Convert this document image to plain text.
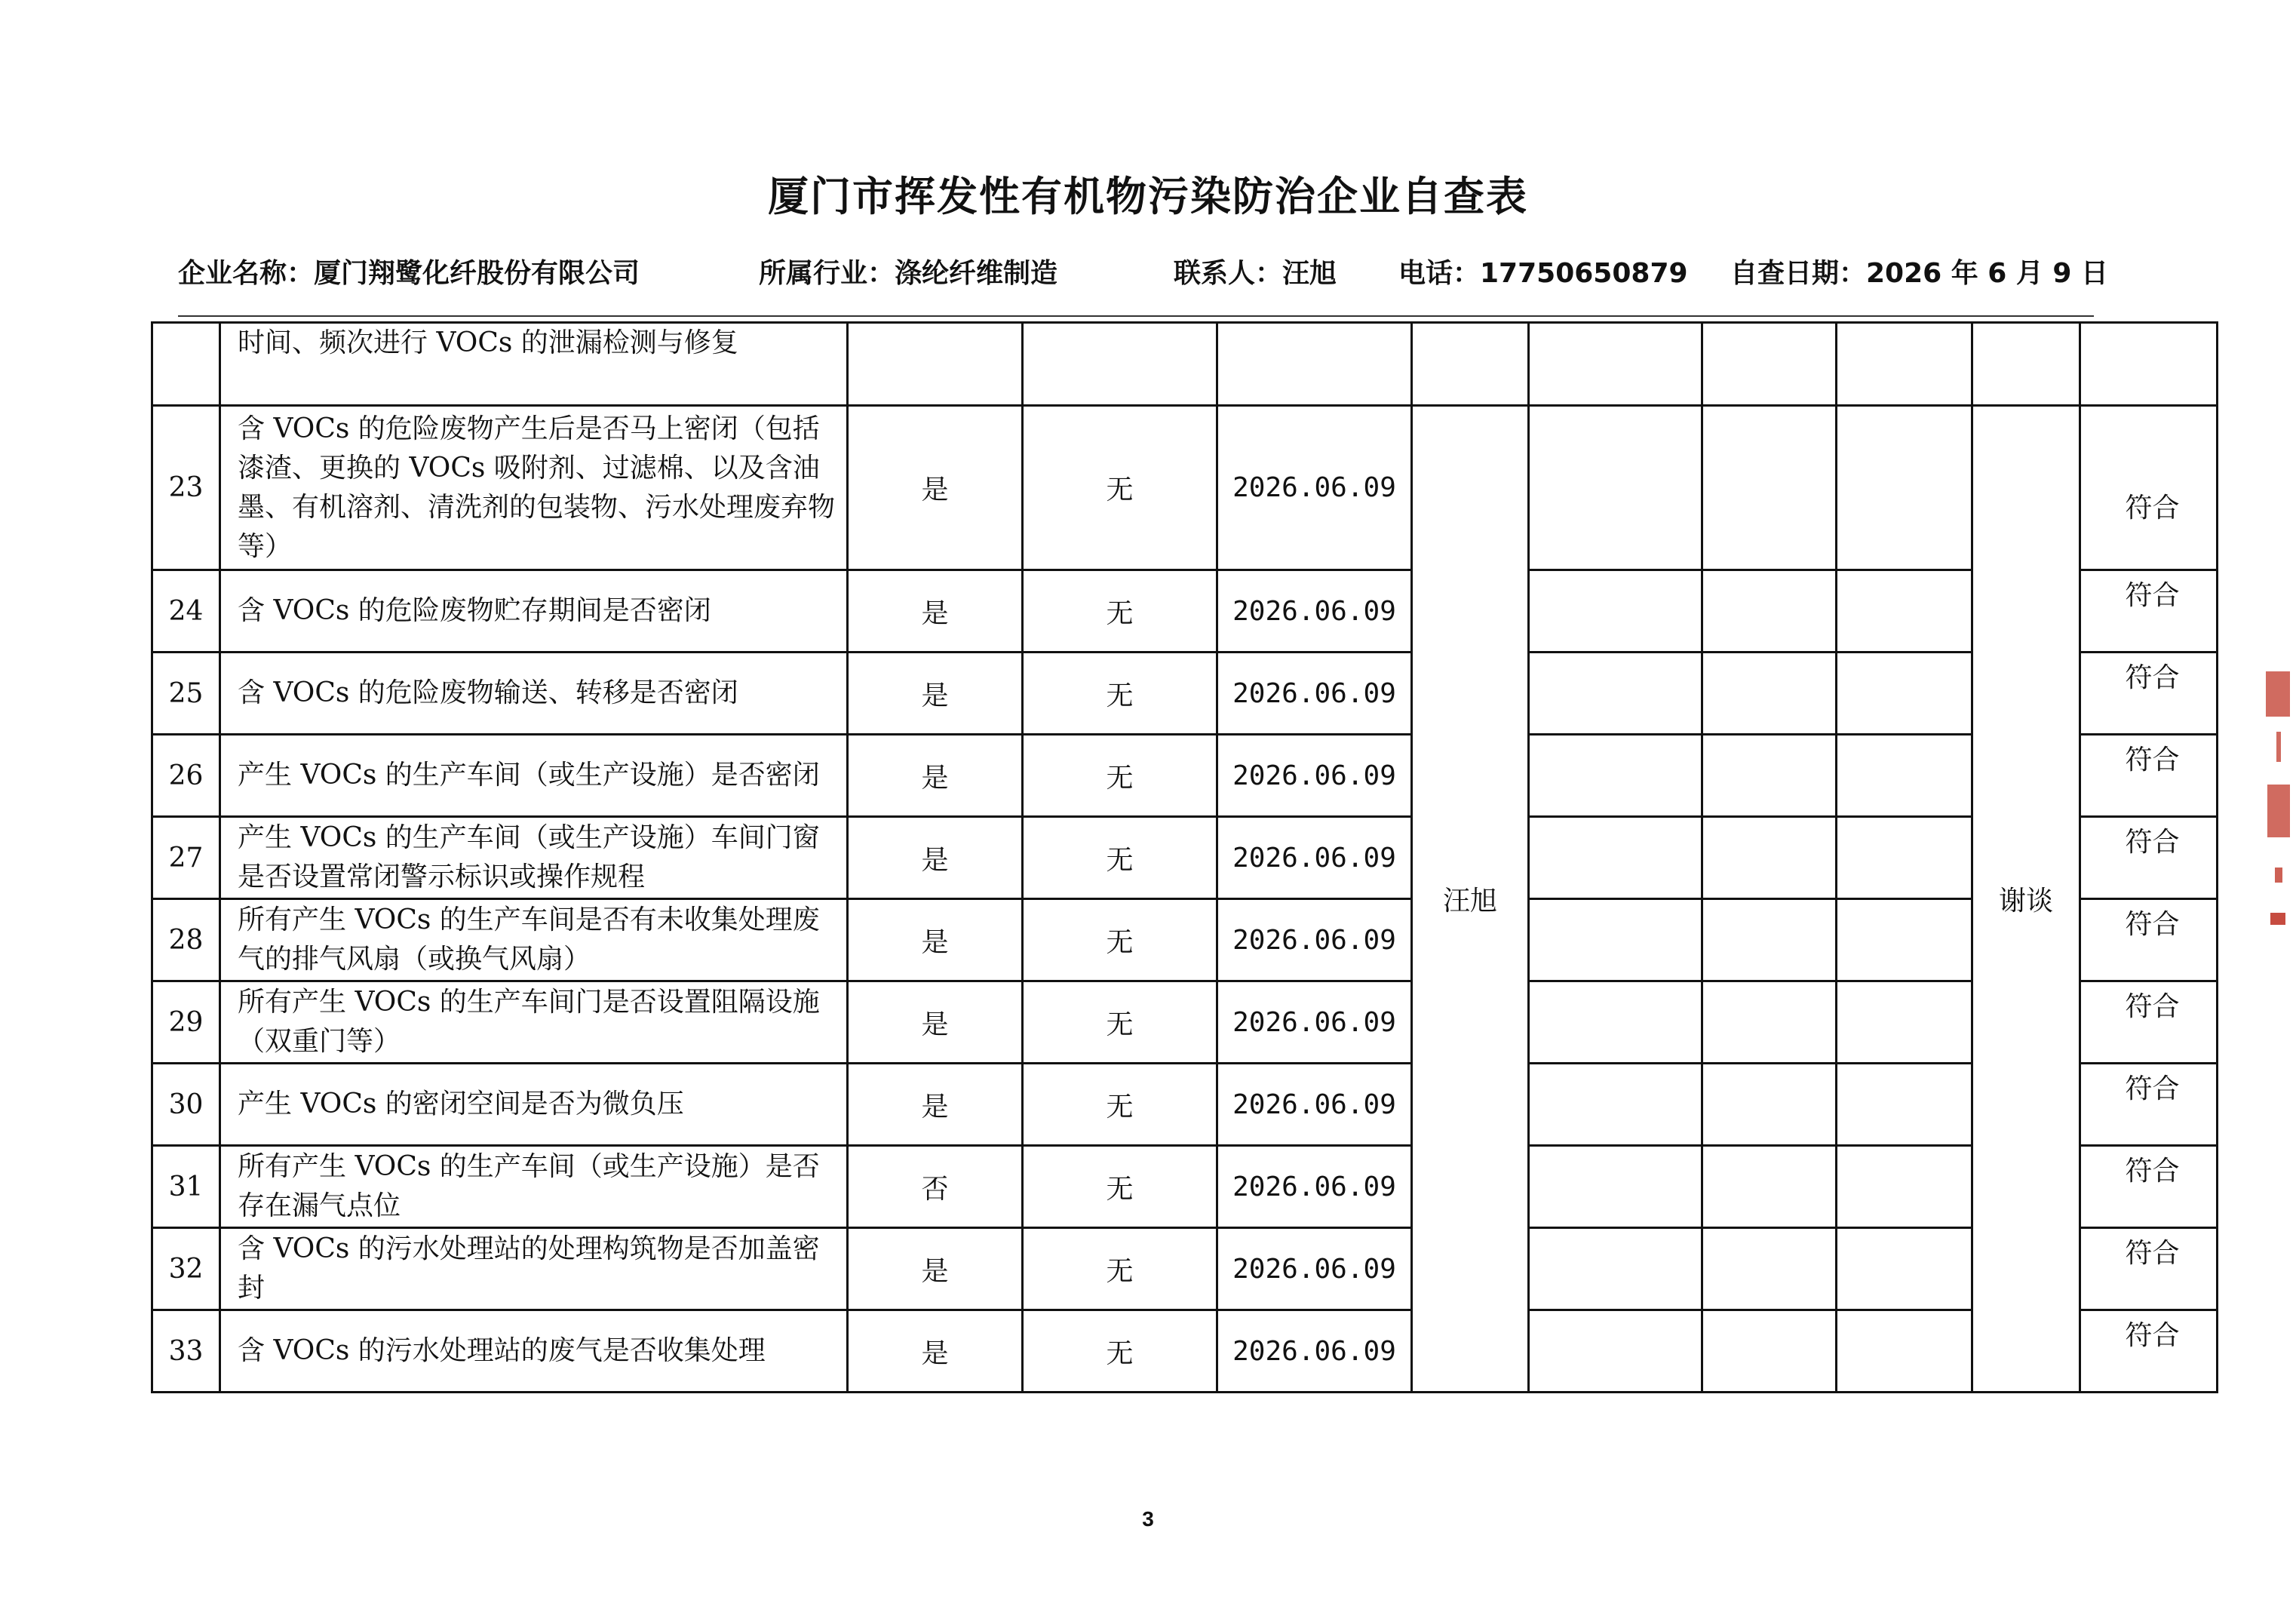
厦门市挥发性有机物污染防治企业自查表
企业名称：厦门翔鹭化纤股份有限公司	所属行业：涤纶纤维制造	联系人：汪旭 电话：17750650879 自查日期：2026 年 6 月 9 日
	时间、频次进行 VOCs 的泄漏检测与修复									
23	含 VOCs 的危险废物产生后是否马上密闭（包括漆渣、更换的 VOCs 吸附剂、过滤棉、以及含油墨、有机溶剂、清洗剂的包装物、污水处理废弃物等）	是	无	2026.06.09	汪旭				谢谈	符合

24	含 VOCs 的危险废物贮存期间是否密闭	是	无	2026.06.09						符合

25	含 VOCs 的危险废物输送、转移是否密闭	是	无	2026.06.09						符合

26	产生 VOCs 的生产车间（或生产设施）是否密闭	是	无	2026.06.09						符合

27	产生 VOCs 的生产车间（或生产设施）车间门窗是否设置常闭警示标识或操作规程	是	无	2026.06.09						符合

28	所有产生 VOCs 的生产车间是否有未收集处理废气的排气风扇（或换气风扇）	是	无	2026.06.09						符合

29	所有产生 VOCs 的生产车间门是否设置阻隔设施（双重门等）	是	无	2026.06.09						符合

30	产生 VOCs 的密闭空间是否为微负压	是	无	2026.06.09						符合

31	所有产生 VOCs 的生产车间（或生产设施）是否存在漏气点位	否	无	2026.06.09						符合

32	含 VOCs 的污水处理站的处理构筑物是否加盖密封	是	无	2026.06.09						符合

33	含 VOCs 的污水处理站的废气是否收集处理	是	无	2026.06.09						符合
3
